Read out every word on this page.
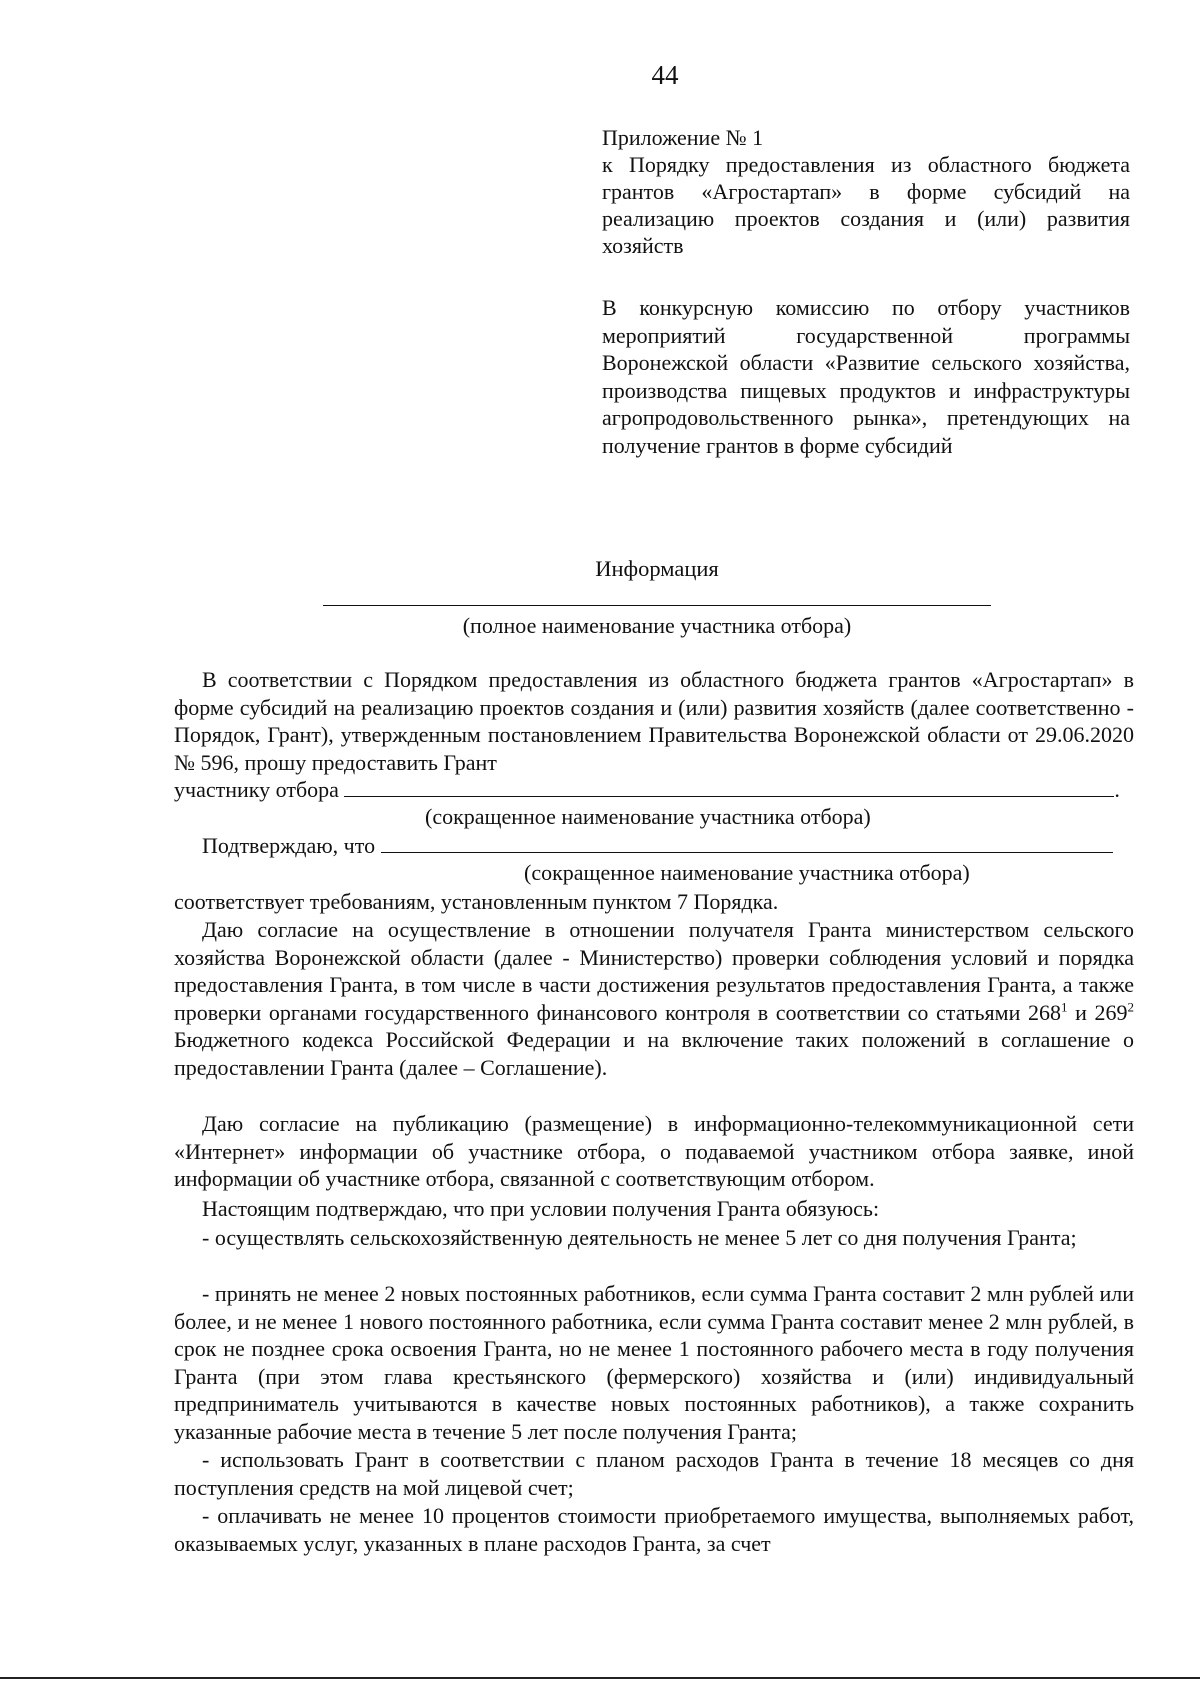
44
Приложение № 1
к Порядку предоставления из областного бюджета грантов «Агростартап» в форме субсидий на реализацию проектов создания и (или) развития хозяйств
В конкурсную комиссию по отбору участников мероприятий государственной программы Воронежской области «Развитие сельского хозяйства, производства пищевых продуктов и инфраструктуры агропродовольственного рынка», претендующих на получение грантов в форме субсидий
Информация
(полное наименование участника отбора)
В соответствии с Порядком предоставления из областного бюджета грантов «Агростартап» в форме субсидий на реализацию проектов создания и (или) развития хозяйств (далее соответственно - Порядок, Грант), утвержденным постановлением Правительства Воронежской области от 29.06.2020 № 596, прошу предоставить Грант
участнику отбора	.
(сокращенное наименование участника отбора)
Подтверждаю, что
(сокращенное наименование участника отбора)
соответствует требованиям, установленным пунктом 7 Порядка.
Даю согласие на осуществление в отношении получателя Гранта министерством сельского хозяйства Воронежской области (далее - Министерство) проверки соблюдения условий и порядка предоставления Гранта, в том числе в части достижения результатов предоставления Гранта, а также проверки органами государственного финансового контроля в соответствии со статьями $268^1$ и $269^2$ Бюджетного кодекса Российской Федерации и на включение таких положений в соглашение о предоставлении Гранта (далее – Соглашение).
Даю согласие на публикацию (размещение) в информационно-телекоммуникационной сети «Интернет» информации об участнике отбора, о подаваемой участником отбора заявке, иной информации об участнике отбора, связанной с соответствующим отбором.
Настоящим подтверждаю, что при условии получения Гранта обязуюсь:
- осуществлять сельскохозяйственную деятельность не менее 5 лет со дня получения Гранта;
- принять не менее 2 новых постоянных работников, если сумма Гранта составит 2 млн рублей или более, и не менее 1 нового постоянного работника, если сумма Гранта составит менее 2 млн рублей, в срок не позднее срока освоения Гранта, но не менее 1 постоянного рабочего места в году получения Гранта (при этом глава крестьянского (фермерского) хозяйства и (или) индивидуальный предприниматель учитываются в качестве новых постоянных работников), а также сохранить указанные рабочие места в течение 5 лет после получения Гранта;
- использовать Грант в соответствии с планом расходов Гранта в течение 18 месяцев со дня поступления средств на мой лицевой счет;
- оплачивать не менее 10 процентов стоимости приобретаемого имущества, выполняемых работ, оказываемых услуг, указанных в плане расходов Гранта, за счет
